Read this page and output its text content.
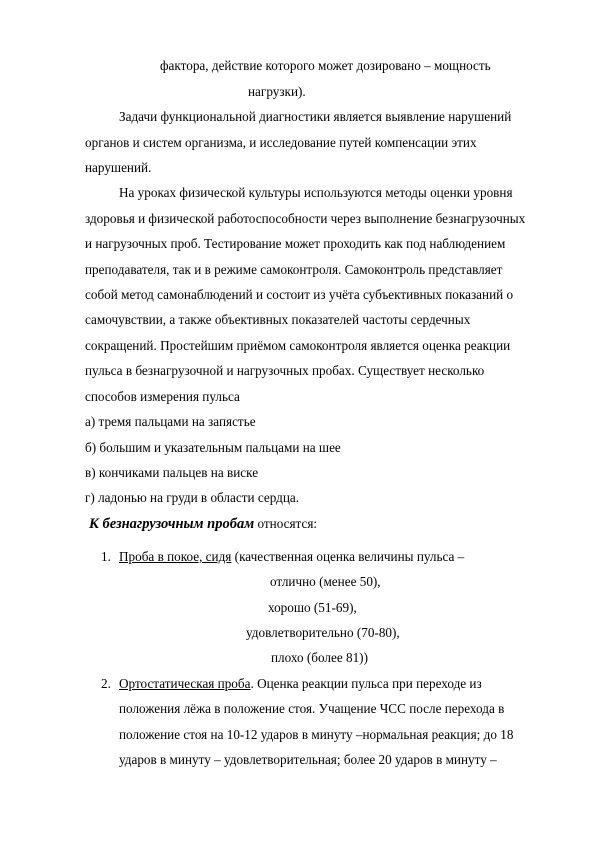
фактора, действие которого может дозировано – мощность
нагрузки).
Задачи функциональной диагностики является выявление нарушений
органов и систем организма, и исследование путей компенсации этих
нарушений.
На уроках физической культуры используются методы оценки уровня
здоровья и физической работоспособности через выполнение безнагрузочных
и нагрузочных проб. Тестирование может проходить как под наблюдением
преподавателя, так и в режиме самоконтроля. Самоконтроль представляет
собой метод самонаблюдений и состоит из учёта субъективных показаний о
самочувствии, а также объективных показателей частоты сердечных
сокращений. Простейшим приёмом самоконтроля является оценка реакции
пульса в безнагрузочной и нагрузочных пробах. Существует несколько
способов измерения пульса
а) тремя пальцами на запястье
б) большим и указательным пальцами на шее
в) кончиками пальцев на виске
г) ладонью на груди в области сердца.
К безнагрузочным пробам относятся:
1. Проба в покое, сидя (качественная оценка величины пульса –
отлично (менее 50),
хорошо (51-69),
удовлетворительно (70-80),
плохо (более 81))
2. Ортостатическая проба. Оценка реакции пульса при переходе из
положения лёжа в положение стоя. Учащение ЧСС после перехода в
положение стоя на 10-12 ударов в минуту –нормальная реакция; до 18
ударов в минуту – удовлетворительная; более 20 ударов в минуту –
